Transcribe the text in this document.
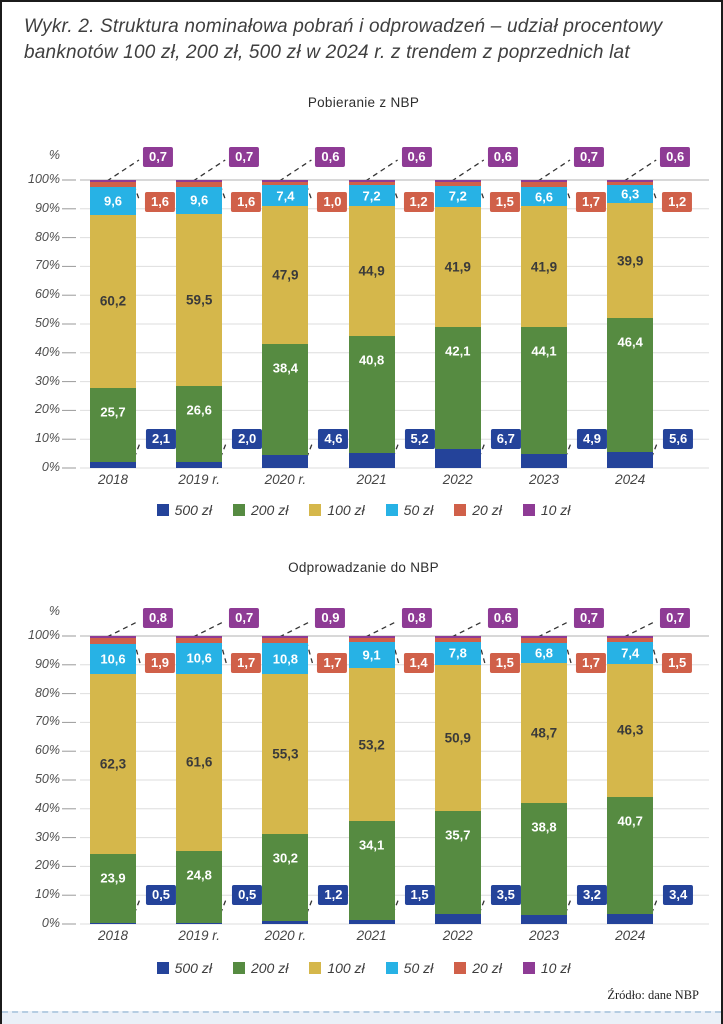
Wykr. 2. Struktura nominałowa pobrań i odprowadzeń – udział procentowy banknotów 100 zł, 200 zł, 500 zł w 2024 r. z trendem z poprzednich lat
Pobieranie z NBP
Odprowadzanie do NBP
500 zł	200 zł	100 zł	50 zł	20 zł	10 zł
500 zł	200 zł	100 zł	50 zł	20 zł	10 zł
Źródło: dane NBP
0%
10%
20%
30%
40%
50%
60%
70%
80%
90%
100%
%
25,7
60,2
9,6
0,7
1,6
2,1
2018
26,6
59,5
9,6
0,7
1,6
2,0
2019 r.
38,4
47,9
7,4
0,6
1,0
4,6
2020 r.
40,8
44,9
7,2
0,6
1,2
5,2
2021
42,1
41,9
7,2
0,6
1,5
6,7
2022
44,1
41,9
6,6
0,7
1,7
4,9
2023
46,4
39,9
6,3
0,6
1,2
5,6
2024
0%
10%
20%
30%
40%
50%
60%
70%
80%
90%
100%
%
23,9
62,3
10,6
0,8
1,9
0,5
2018
24,8
61,6
10,6
0,7
1,7
0,5
2019 r.
30,2
55,3
10,8
0,9
1,7
1,2
2020 r.
34,1
53,2
9,1
0,8
1,4
1,5
2021
35,7
50,9
7,8
0,6
1,5
3,5
2022
38,8
48,7
6,8
0,7
1,7
3,2
2023
40,7
46,3
7,4
0,7
1,5
3,4
2024
